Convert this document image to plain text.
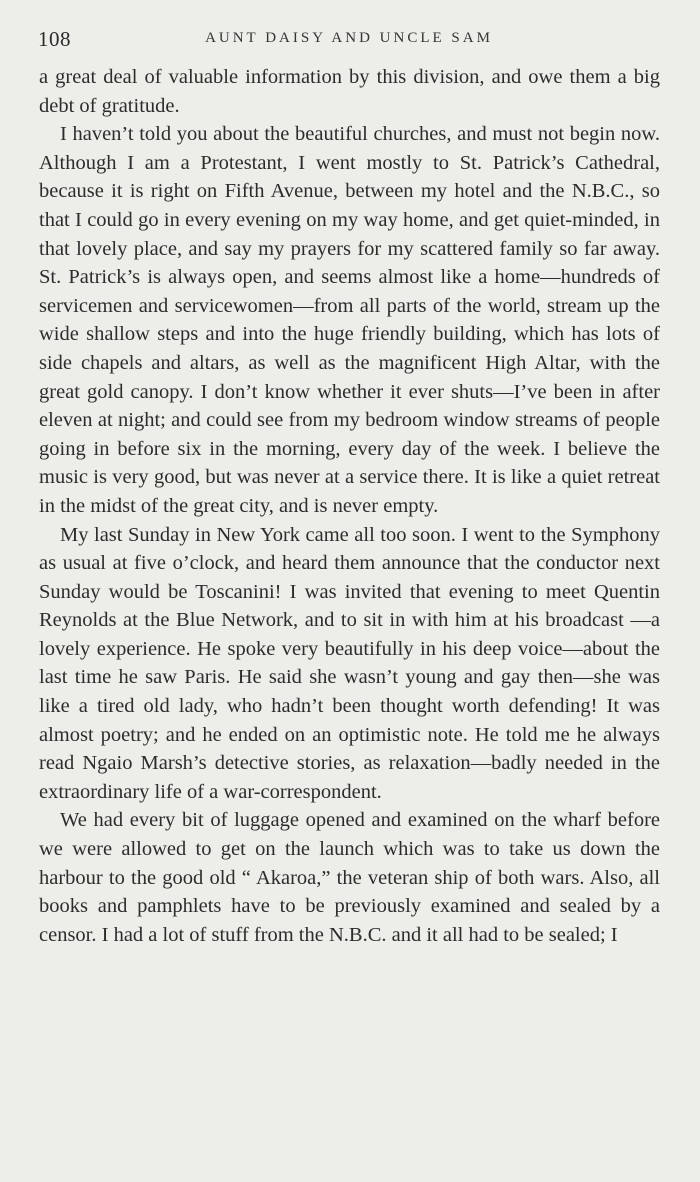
108	AUNT DAISY AND UNCLE SAM

a great deal of valuable information by this division, and owe them a big debt of gratitude.

I haven’t told you about the beautiful churches, and must not begin now. Although I am a Protestant, I went mostly to St. Patrick’s Cathedral, because it is right on Fifth Avenue, between my hotel and the N.B.C., so that I could go in every evening on my way home, and get quiet-minded, in that lovely place, and say my prayers for my scattered family so far away. St. Patrick’s is always open, and seems almost like a home—hundreds of servicemen and servicewomen—from all parts of the world, stream up the wide shallow steps and into the huge friendly building, which has lots of side chapels and altars, as well as the magnificent High Altar, with the great gold canopy. I don’t know whether it ever shuts—I’ve been in after eleven at night; and could see from my bedroom window streams of people going in before six in the morning, every day of the week. I believe the music is very good, but was never at a service there. It is like a quiet retreat in the midst of the great city, and is never empty.

My last Sunday in New York came all too soon. I went to the Symphony as usual at five o’clock, and heard them announce that the conductor next Sunday would be Toscanini! I was invited that evening to meet Quentin Reynolds at the Blue Network, and to sit in with him at his broadcast —a lovely experience. He spoke very beautifully in his deep voice—about the last time he saw Paris. He said she wasn’t young and gay then—she was like a tired old lady, who hadn’t been thought worth defending! It was almost poetry; and he ended on an optimistic note. He told me he always read Ngaio Marsh’s detective stories, as relaxation—badly needed in the extraordinary life of a war-correspondent.

We had every bit of luggage opened and examined on the wharf before we were allowed to get on the launch which was to take us down the harbour to the good old “ Akaroa,” the veteran ship of both wars. Also, all books and pamphlets have to be previously examined and sealed by a censor. I had a lot of stuff from the N.B.C. and it all had to be sealed; I
